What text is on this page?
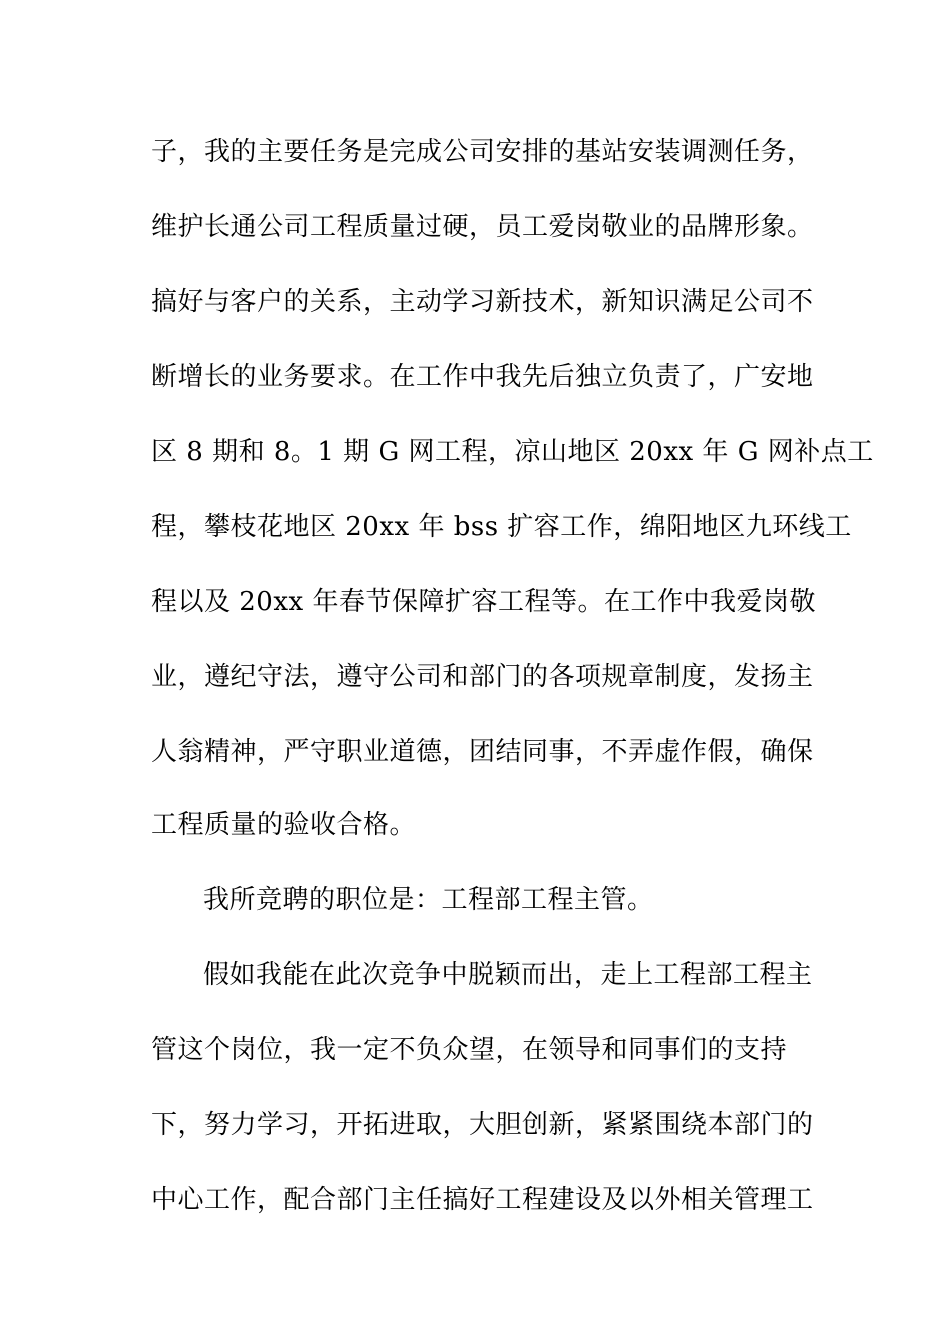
子，我的主要任务是完成公司安排的基站安装调测任务，
维护长通公司工程质量过硬，员工爱岗敬业的品牌形象。
搞好与客户的关系，主动学习新技术，新知识满足公司不
断增长的业务要求。在工作中我先后独立负责了，广安地
区 8 期和 8。1 期 G 网工程，凉山地区 20xx 年 G 网补点工
程，攀枝花地区 20xx 年 bss 扩容工作，绵阳地区九环线工
程以及 20xx 年春节保障扩容工程等。在工作中我爱岗敬
业，遵纪守法，遵守公司和部门的各项规章制度，发扬主
人翁精神，严守职业道德，团结同事，不弄虚作假，确保
工程质量的验收合格。
我所竞聘的职位是：工程部工程主管。
假如我能在此次竞争中脱颖而出，走上工程部工程主
管这个岗位，我一定不负众望，在领导和同事们的支持
下，努力学习，开拓进取，大胆创新，紧紧围绕本部门的
中心工作，配合部门主任搞好工程建设及以外相关管理工
